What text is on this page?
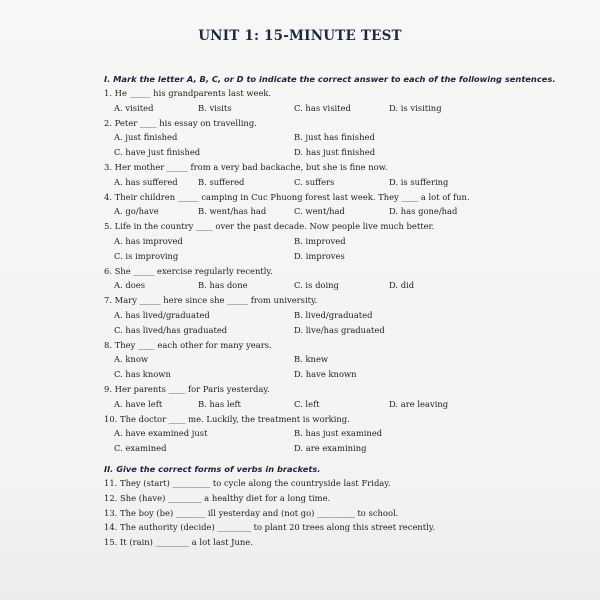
UNIT 1: 15-MINUTE TEST
I. Mark the letter A, B, C, or D to indicate the correct answer to each of the following sentences.
1. He _____ his grandparents last week.
A. visited	B. visits	C. has visited	D. is visiting
2. Peter ____ his essay on travelling.
A. just finished	B. just has finished
C. have just finished	D. has just finished
3. Her mother _____ from a very bad backache, but she is fine now.
A. has suffered B. suffered	C. suffers	D. is suffering
4. Their children _____ camping in Cuc Phuong forest last week. They ____ a lot of fun.
A. go/have	B. went/has had	C. went/had	D. has gone/had
5. Life in the country ____ over the past decade. Now people live much better.
A. has improved	B. improved
C. is improving	D. improves
6. She _____ exercise regularly recently.
A. does	B. has done	C. is doing	D. did
7. Mary _____ here since she _____ from university.
A. has lived/graduated	B. lived/graduated
C. has lived/has graduated	D. live/has graduated
8. They ____ each other for many years.
A. know	B. knew
C. has known	D. have known
9. Her parents ____ for Paris yesterday.
A. have left	B. has left	C. left	D. are leaving
10. The doctor ____ me. Luckily, the treatment is working.
A. have examined just	B. has just examined
C. examined	D. are examining
II. Give the correct forms of verbs in brackets.
11. They (start) _________ to cycle along the countryside last Friday.
12. She (have) ________ a healthy diet for a long time.
13. The boy (be) _______ ill yesterday and (not go) _________ to school.
14. The authority (decide) ________ to plant 20 trees along this street recently.
15. It (rain) ________ a lot last June.
